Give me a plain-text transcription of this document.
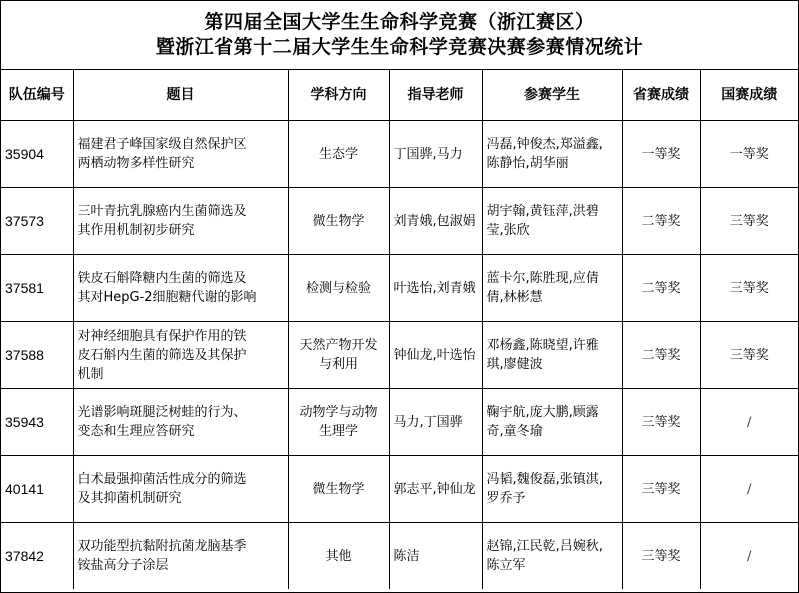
第四届全国大学生生命科学竞赛（浙江赛区）
暨浙江省第十二届大学生生命科学竞赛决赛参赛情况统计
队伍编号	题目	学科方向	指导老师	参赛学生	省赛成绩	国赛成绩
35904	福建君子峰国家级自然保护区
两栖动物多样性研究	生态学	丁国骅,马力	冯磊,钟俊杰,郑溢鑫,
陈静怡,胡华丽	一等奖	一等奖
37573	三叶青抗乳腺癌内生菌筛选及
其作用机制初步研究	微生物学	刘青娥,包淑娟	胡宇翰,黄钰萍,洪碧
莹,张欣	二等奖	三等奖
37581	铁皮石斛降糖内生菌的筛选及
其对HepG-2细胞糖代谢的影响	检测与检验	叶选怡,刘青娥	蓝卡尔,陈胜现,应倩
倩,林彬慧	二等奖	三等奖
37588	对神经细胞具有保护作用的铁
皮石斛内生菌的筛选及其保护
机制	天然产物开发
与利用	钟仙龙,叶选怡	邓杨鑫,陈晓望,许雅
琪,廖健波	二等奖	三等奖
35943	光谱影响斑腿泛树蛙的行为、
变态和生理应答研究	动物学与动物
生理学	马力,丁国骅	鞠宇航,庞大鹏,顾露
奇,童冬瑜	三等奖	/
40141	白术最强抑菌活性成分的筛选
及其抑菌机制研究	微生物学	郭志平,钟仙龙	冯韬,魏俊磊,张镇淇,
罗乔予	三等奖	/
37842	双功能型抗黏附抗菌龙脑基季
铵盐高分子涂层	其他	陈洁	赵锦,江民乾,吕婉秋,
陈立军	三等奖	/
